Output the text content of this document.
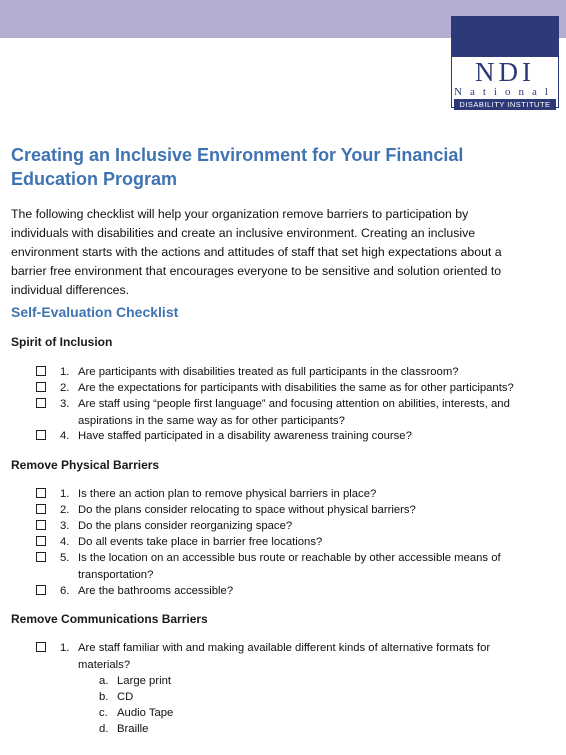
NDI
National
DISABILITY INSTITUTE
Creating an Inclusive Environment for Your Financial
Education Program

The following checklist will help your organization remove barriers to participation by
individuals with disabilities and create an inclusive environment. Creating an inclusive
environment starts with the actions and attitudes of staff that set high expectations about a
barrier free environment that encourages everyone to be sensitive and solution oriented to
individual differences.

Self-Evaluation Checklist
Spirit of Inclusion
1. Are participants with disabilities treated as full participants in the classroom?
2. Are the expectations for participants with disabilities the same as for other participants?
3. Are staff using “people first language” and focusing attention on abilities, interests, and
aspirations in the same way as for other participants?
4. Have staffed participated in a disability awareness training course?
Remove Physical Barriers
1. Is there an action plan to remove physical barriers in place?
2. Do the plans consider relocating to space without physical barriers?
3. Do the plans consider reorganizing space?
4. Do all events take place in barrier free locations?
5. Is the location on an accessible bus route or reachable by other accessible means of
transportation?
6. Are the bathrooms accessible?
Remove Communications Barriers
1. Are staff familiar with and making available different kinds of alternative formats for
materials?
a. Large print
b. CD
c. Audio Tape
d. Braille
